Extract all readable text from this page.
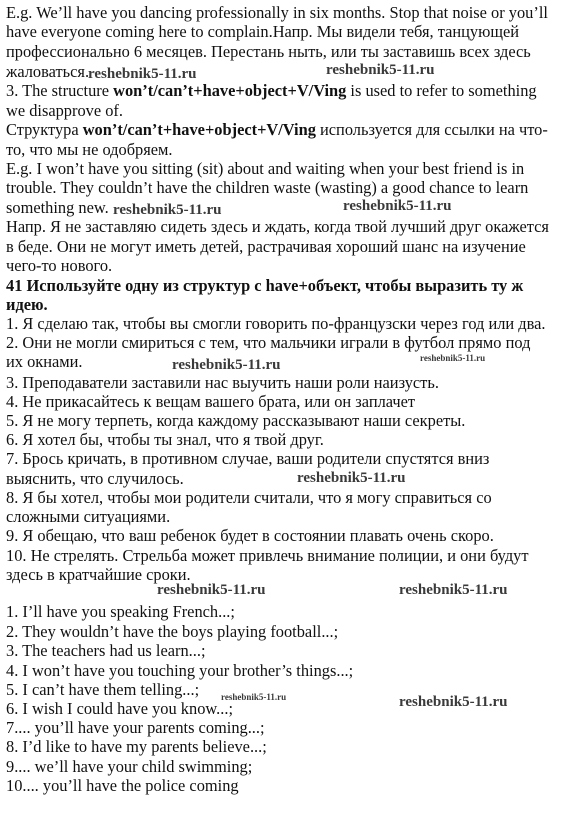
E.g. We’ll have you dancing professionally in six months. Stop that noise or you’ll
have everyone coming here to complain.Напр. Мы видели тебя, танцующей
профессионально 6 месяцев. Перестань ныть, или ты заставишь всех здесь
жаловаться.
3. The structure won’t/can’t+have+object+V/Ving is used to refer to something
we disapprove of.
Структура won’t/can’t+have+object+V/Ving используется для ссылки на что-
то, что мы не одобряем.
E.g. I won’t have you sitting (sit) about and waiting when your best friend is in
trouble. They couldn’t have the children waste (wasting) a good chance to learn
something new.
Напр. Я не заставляю сидеть здесь и ждать, когда твой лучший друг окажется
в беде. Они не могут иметь детей, растрачивая хороший шанс на изучение
чего-то нового.
41 Используйте одну из структур с have+объект, чтобы выразить ту ж
идею.
1. Я сделаю так, чтобы вы смогли говорить по-французски через год или два.
2. Они не могли смириться с тем, что мальчики играли в футбол прямо под
их окнами.
3. Преподаватели заставили нас выучить наши роли наизусть.
4. Не прикасайтесь к вещам вашего брата, или он заплачет
5. Я не могу терпеть, когда каждому рассказывают наши секреты.
6. Я хотел бы, чтобы ты знал, что я твой друг.
7. Брось кричать, в противном случае, ваши родители спустятся вниз
выяснить, что случилось.
8. Я бы хотел, чтобы мои родители считали, что я могу справиться со
сложными ситуациями.
9. Я обещаю, что ваш ребенок будет в состоянии плавать очень скоро.
10. Не стрелять. Стрельба может привлечь внимание полиции, и они будут
здесь в кратчайшие сроки.
1. I’ll have you speaking French...;
2. They wouldn’t have the boys playing football...;
3. The teachers had us learn...;
4. I won’t have you touching your brother’s things...;
5. I can’t have them telling...;
6. I wish I could have you know...;
7.... you’ll have your parents coming...;
8. I’d like to have my parents believe...;
9.... we’ll have your child swimming;
10.... you’ll have the police coming
reshebnik5-11.ru	reshebnik5-11.ru
reshebnik5-11.ru	reshebnik5-11.ru
reshebnik5-11.ru	reshebnik5-11.ru
reshebnik5-11.ru
reshebnik5-11.ru	reshebnik5-11.ru
reshebnik5-11.ru	reshebnik5-11.ru
